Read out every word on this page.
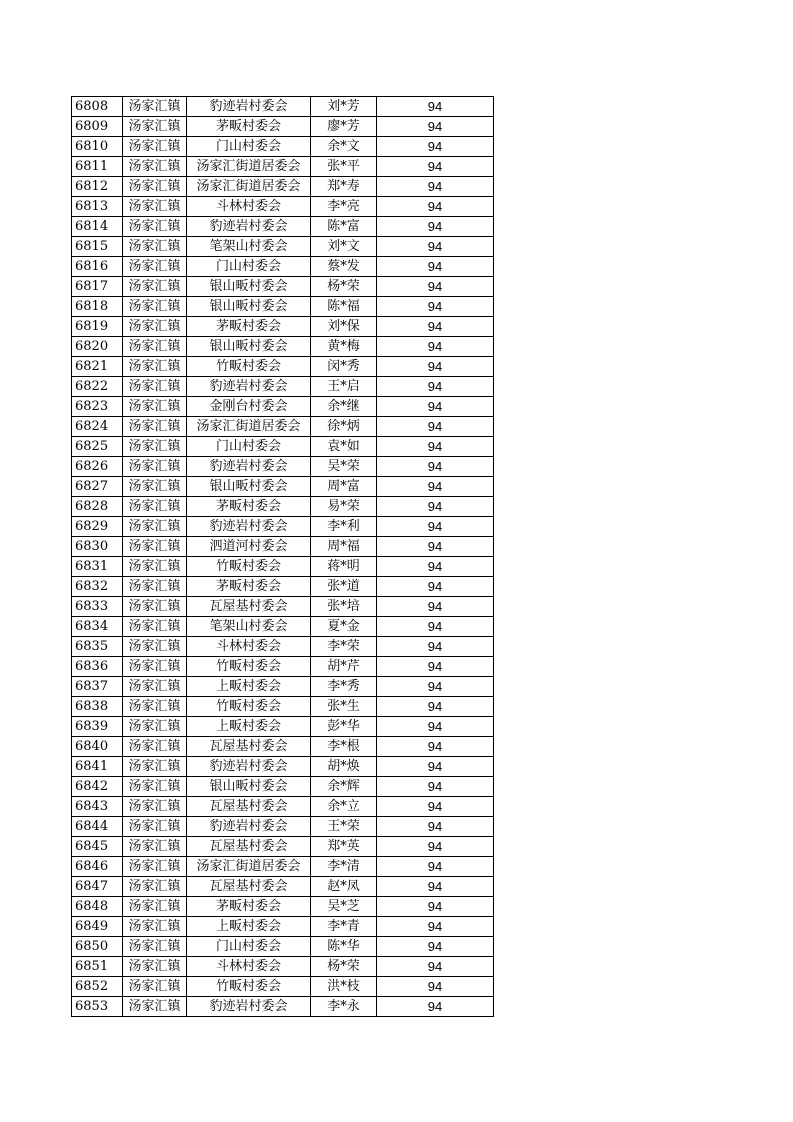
6808	汤家汇镇	豹迹岩村委会	刘*芳	94
6809	汤家汇镇	茅畈村委会	廖*芳	94
6810	汤家汇镇	门山村委会	余*文	94
6811	汤家汇镇	汤家汇街道居委会	张*平	94
6812	汤家汇镇	汤家汇街道居委会	郑*寿	94
6813	汤家汇镇	斗林村委会	李*亮	94
6814	汤家汇镇	豹迹岩村委会	陈*富	94
6815	汤家汇镇	笔架山村委会	刘*文	94
6816	汤家汇镇	门山村委会	蔡*发	94
6817	汤家汇镇	银山畈村委会	杨*荣	94
6818	汤家汇镇	银山畈村委会	陈*福	94
6819	汤家汇镇	茅畈村委会	刘*保	94
6820	汤家汇镇	银山畈村委会	黄*梅	94
6821	汤家汇镇	竹畈村委会	闵*秀	94
6822	汤家汇镇	豹迹岩村委会	王*启	94
6823	汤家汇镇	金刚台村委会	余*继	94
6824	汤家汇镇	汤家汇街道居委会	徐*炳	94
6825	汤家汇镇	门山村委会	袁*如	94
6826	汤家汇镇	豹迹岩村委会	吴*荣	94
6827	汤家汇镇	银山畈村委会	周*富	94
6828	汤家汇镇	茅畈村委会	易*荣	94
6829	汤家汇镇	豹迹岩村委会	李*利	94
6830	汤家汇镇	泗道河村委会	周*福	94
6831	汤家汇镇	竹畈村委会	蒋*明	94
6832	汤家汇镇	茅畈村委会	张*道	94
6833	汤家汇镇	瓦屋基村委会	张*培	94
6834	汤家汇镇	笔架山村委会	夏*金	94
6835	汤家汇镇	斗林村委会	李*荣	94
6836	汤家汇镇	竹畈村委会	胡*芹	94
6837	汤家汇镇	上畈村委会	李*秀	94
6838	汤家汇镇	竹畈村委会	张*生	94
6839	汤家汇镇	上畈村委会	彭*华	94
6840	汤家汇镇	瓦屋基村委会	李*根	94
6841	汤家汇镇	豹迹岩村委会	胡*焕	94
6842	汤家汇镇	银山畈村委会	余*辉	94
6843	汤家汇镇	瓦屋基村委会	余*立	94
6844	汤家汇镇	豹迹岩村委会	王*荣	94
6845	汤家汇镇	瓦屋基村委会	郑*英	94
6846	汤家汇镇	汤家汇街道居委会	李*清	94
6847	汤家汇镇	瓦屋基村委会	赵*凤	94
6848	汤家汇镇	茅畈村委会	吴*芝	94
6849	汤家汇镇	上畈村委会	李*青	94
6850	汤家汇镇	门山村委会	陈*华	94
6851	汤家汇镇	斗林村委会	杨*荣	94
6852	汤家汇镇	竹畈村委会	洪*枝	94
6853	汤家汇镇	豹迹岩村委会	李*永	94
